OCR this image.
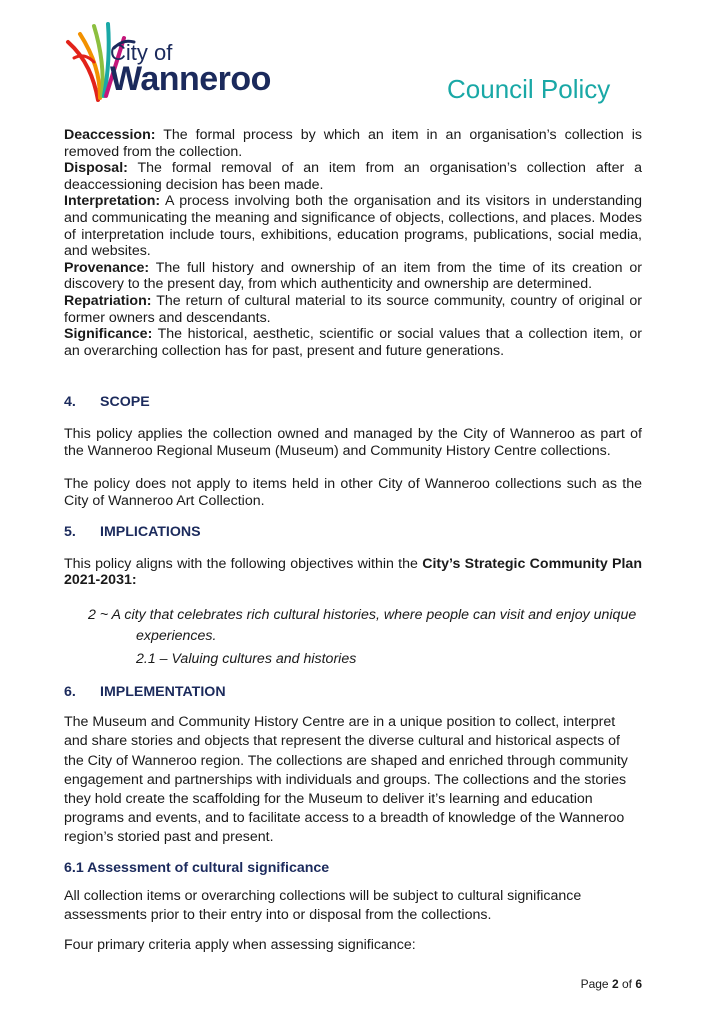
City of
Wanneroo	Council Policy

Deaccession: The formal process by which an item in an organisation’s collection is removed from the collection.

Disposal: The formal removal of an item from an organisation’s collection after a deaccessioning decision has been made.

Interpretation: A process involving both the organisation and its visitors in understanding and communicating the meaning and significance of objects, collections, and places. Modes of interpretation include tours, exhibitions, education programs, publications, social media, and websites.

Provenance: The full history and ownership of an item from the time of its creation or discovery to the present day, from which authenticity and ownership are determined.

Repatriation: The return of cultural material to its source community, country of original or former owners and descendants.

Significance: The historical, aesthetic, scientific or social values that a collection item, or an overarching collection has for past, present and future generations.

4.	SCOPE

This policy applies the collection owned and managed by the City of Wanneroo as part of the Wanneroo Regional Museum (Museum) and Community History Centre collections.

The policy does not apply to items held in other City of Wanneroo collections such as the City of Wanneroo Art Collection.

5.	IMPLICATIONS

This policy aligns with the following objectives within the City’s Strategic Community Plan 2021-2031:

2 ~ A city that celebrates rich cultural histories, where people can visit and enjoy unique experiences.

2.1 – Valuing cultures and histories

6.	IMPLEMENTATION

The Museum and Community History Centre are in a unique position to collect, interpret and share stories and objects that represent the diverse cultural and historical aspects of the City of Wanneroo region. The collections are shaped and enriched through community engagement and partnerships with individuals and groups. The collections and the stories they hold create the scaffolding for the Museum to deliver it’s learning and education programs and events, and to facilitate access to a breadth of knowledge of the Wanneroo region’s storied past and present.

6.1 Assessment of cultural significance

All collection items or overarching collections will be subject to cultural significance assessments prior to their entry into or disposal from the collections.

Four primary criteria apply when assessing significance:

Page 2 of 6
